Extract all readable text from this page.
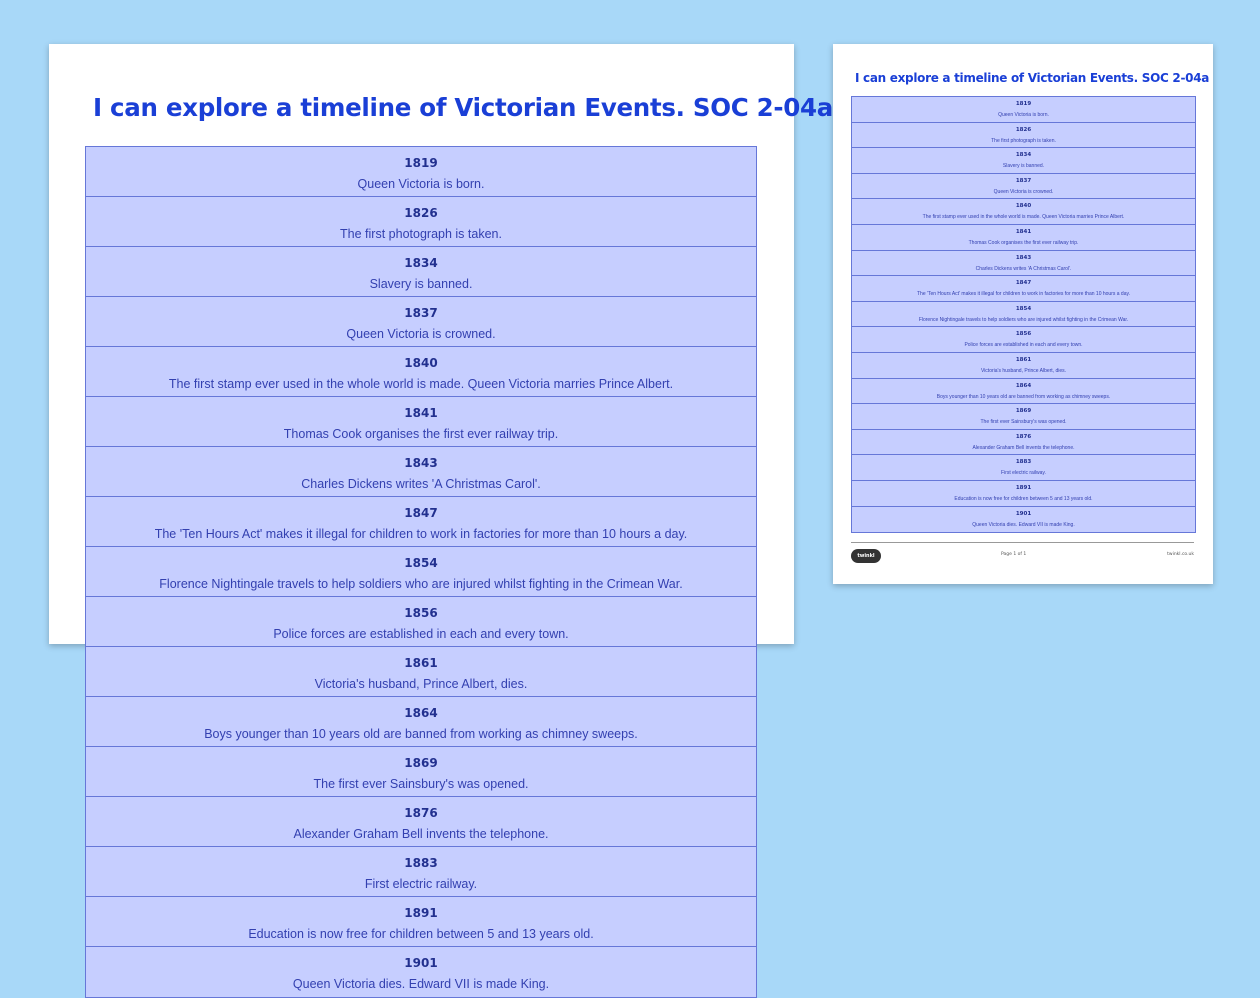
I can explore a timeline of Victorian Events. SOC 2-04a
1819
Queen Victoria is born.
1826
The first photograph is taken.
1834
Slavery is banned.
1837
Queen Victoria is crowned.
1840
The first stamp ever used in the whole world is made. Queen Victoria marries Prince Albert.
1841
Thomas Cook organises the first ever railway trip.
1843
Charles Dickens writes 'A Christmas Carol'.
1847
The 'Ten Hours Act' makes it illegal for children to work in factories for more than 10 hours a day.
1854
Florence Nightingale travels to help soldiers who are injured whilst fighting in the Crimean War.
1856
Police forces are established in each and every town.
1861
Victoria's husband, Prince Albert, dies.
1864
Boys younger than 10 years old are banned from working as chimney sweeps.
1869
The first ever Sainsbury's was opened.
1876
Alexander Graham Bell invents the telephone.
1883
First electric railway.
1891
Education is now free for children between 5 and 13 years old.
1901
Queen Victoria dies. Edward VII is made King.
I can explore a timeline of Victorian Events. SOC 2-04a
1819
Queen Victoria is born.
1826
The first photograph is taken.
1834
Slavery is banned.
1837
Queen Victoria is crowned.
1840
The first stamp ever used in the whole world is made. Queen Victoria marries Prince Albert.
1841
Thomas Cook organises the first ever railway trip.
1843
Charles Dickens writes 'A Christmas Carol'.
1847
The 'Ten Hours Act' makes it illegal for children to work in factories for more than 10 hours a day.
1854
Florence Nightingale travels to help soldiers who are injured whilst fighting in the Crimean War.
1856
Police forces are established in each and every town.
1861
Victoria's husband, Prince Albert, dies.
1864
Boys younger than 10 years old are banned from working as chimney sweeps.
1869
The first ever Sainsbury's was opened.
1876
Alexander Graham Bell invents the telephone.
1883
First electric railway.
1891
Education is now free for children between 5 and 13 years old.
1901
Queen Victoria dies. Edward VII is made King.
twinkl	Page 1 of 1	twinkl.co.uk
